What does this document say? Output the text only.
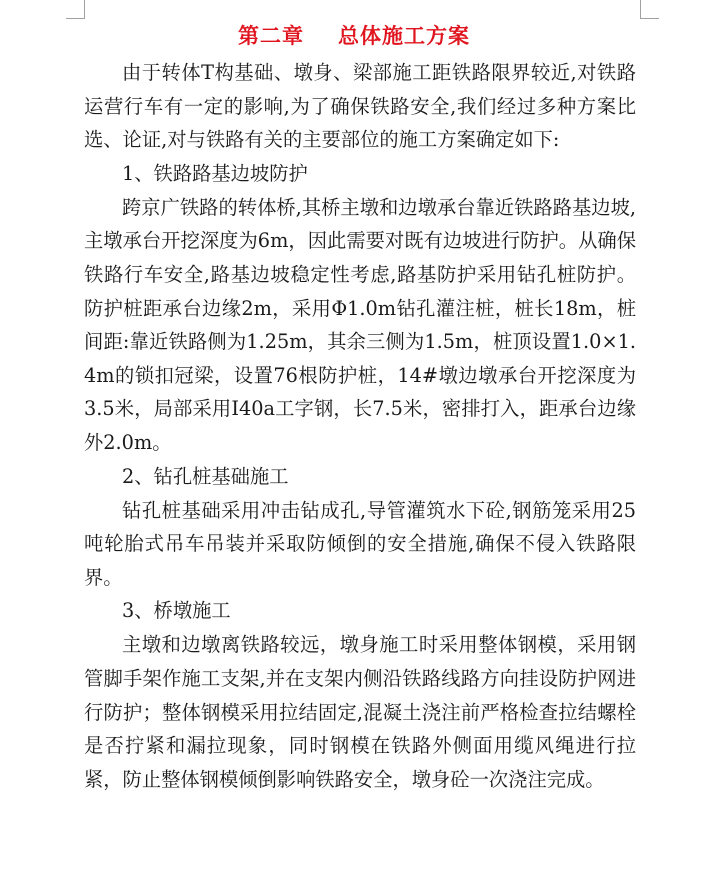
第二章 总体施工方案

由于转体T构基础、墩身、梁部施工距铁路限界较近,对铁路运营行车有一定的影响,为了确保铁路安全,我们经过多种方案比选、论证,对与铁路有关的主要部位的施工方案确定如下:

1、铁路路基边坡防护

跨京广铁路的转体桥,其桥主墩和边墩承台靠近铁路路基边坡,主墩承台开挖深度为6m，因此需要对既有边坡进行防护。从确保铁路行车安全,路基边坡稳定性考虑,路基防护采用钻孔桩防护。防护桩距承台边缘2m，采用Φ1.0m钻孔灌注桩，桩长18m，桩间距:靠近铁路侧为1.25m，其余三侧为1.5m，桩顶设置1.0×1.4m的锁扣冠梁，设置76根防护桩，14#墩边墩承台开挖深度为3.5米，局部采用I40a工字钢，长7.5米，密排打入，距承台边缘外2.0m。

2、钻孔桩基础施工

钻孔桩基础采用冲击钻成孔,导管灌筑水下砼,钢筋笼采用25吨轮胎式吊车吊装并采取防倾倒的安全措施,确保不侵入铁路限界。

3、桥墩施工

主墩和边墩离铁路较远，墩身施工时采用整体钢模，采用钢管脚手架作施工支架,并在支架内侧沿铁路线路方向挂设防护网进行防护；整体钢模采用拉结固定,混凝土浇注前严格检查拉结螺栓是否拧紧和漏拉现象，同时钢模在铁路外侧面用缆风绳进行拉紧，防止整体钢模倾倒影响铁路安全，墩身砼一次浇注完成。
